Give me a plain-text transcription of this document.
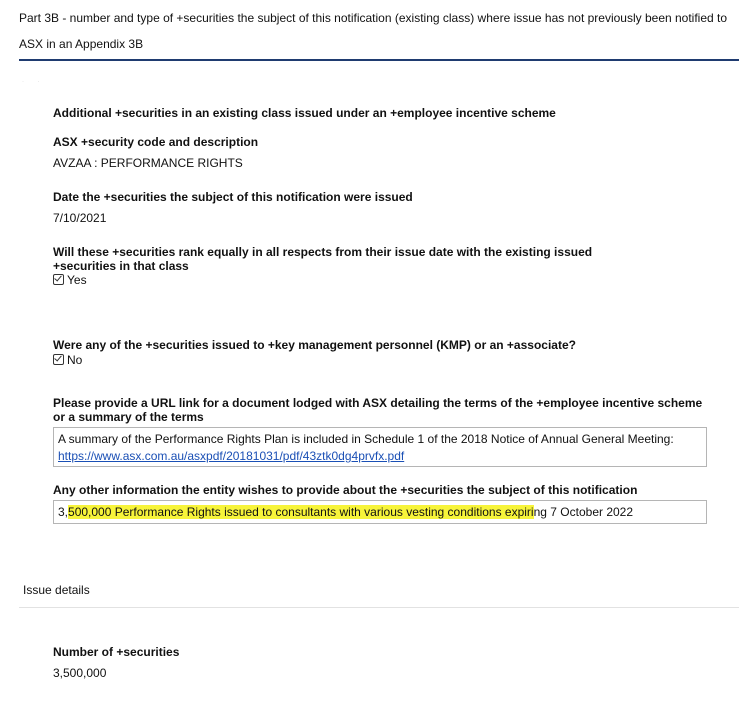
Part 3B - number and type of +securities the subject of this notification (existing class) where issue has not previously been notified to ASX in an Appendix 3B
· ·
Additional +securities in an existing class issued under an +employee incentive scheme
ASX +security code and description
AVZAA : PERFORMANCE RIGHTS
Date the +securities the subject of this notification were issued
7/10/2021
Will these +securities rank equally in all respects from their issue date with the existing issued
+securities in that class
Yes
Were any of the +securities issued to +key management personnel (KMP) or an +associate?
No
Please provide a URL link for a document lodged with ASX detailing the terms of the +employee incentive scheme
or a summary of the terms
A summary of the Performance Rights Plan is included in Schedule 1 of the 2018 Notice of Annual General Meeting:
https://www.asx.com.au/asxpdf/20181031/pdf/43ztk0dg4prvfx.pdf
Any other information the entity wishes to provide about the +securities the subject of this notification
3,500,000 Performance Rights issued to consultants with various vesting conditions expiring 7 October 2022
Issue details
Number of +securities
3,500,000
